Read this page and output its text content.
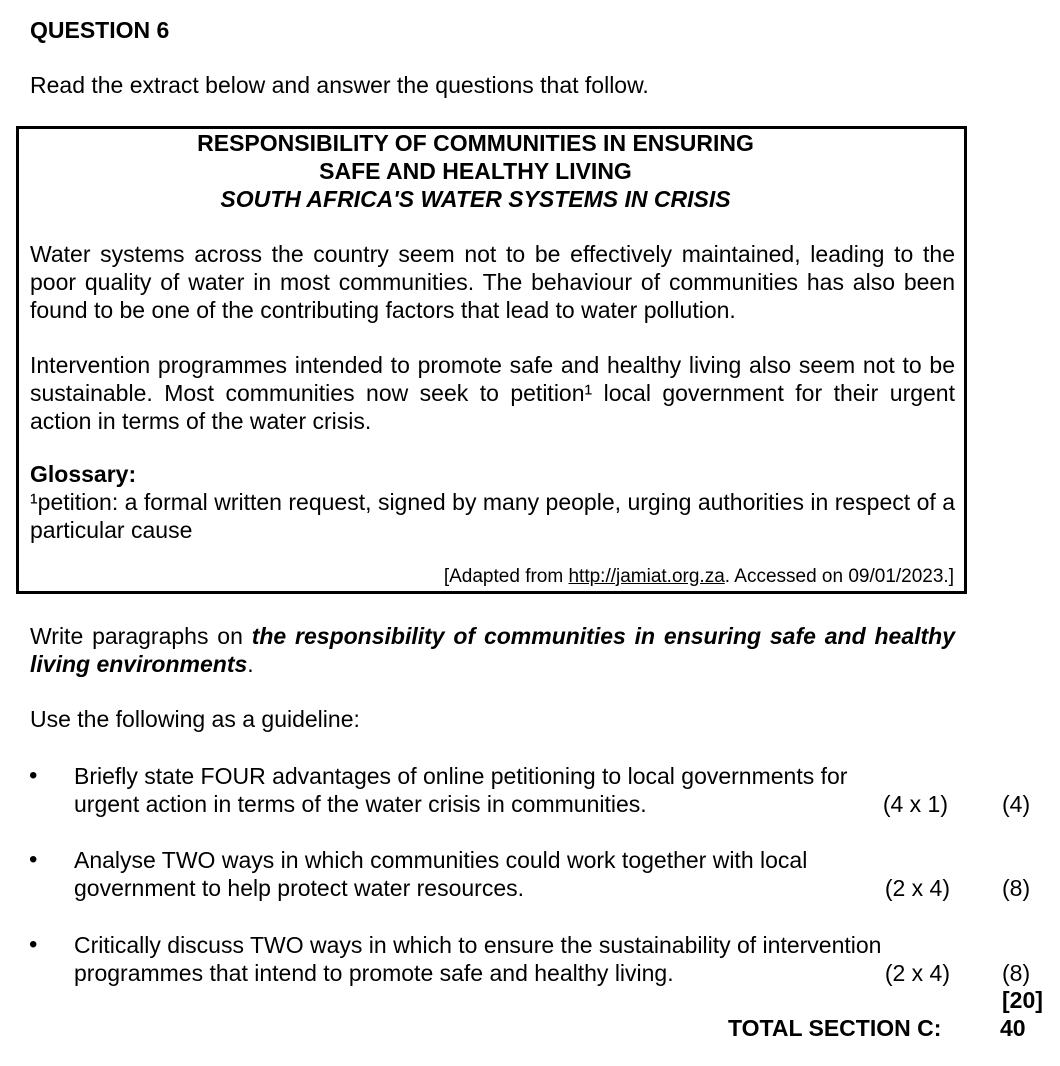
QUESTION 6
Read the extract below and answer the questions that follow.
RESPONSIBILITY OF COMMUNITIES IN ENSURING
SAFE AND HEALTHY LIVING
SOUTH AFRICA'S WATER SYSTEMS IN CRISIS
Water systems across the country seem not to be effectively maintained, leading to the poor quality of water in most communities. The behaviour of communities has also been found to be one of the contributing factors that lead to water pollution.
Intervention programmes intended to promote safe and healthy living also seem not to be sustainable. Most communities now seek to petition¹ local government for their urgent action in terms of the water crisis.
Glossary:
¹petition: a formal written request, signed by many people, urging authorities in respect of a particular cause
[Adapted from http://jamiat.org.za. Accessed on 09/01/2023.]
Write paragraphs on the responsibility of communities in ensuring safe and healthy living environments.
Use the following as a guideline:
• Briefly state FOUR advantages of online petitioning to local governments for
urgent action in terms of the water crisis in communities.	(4 x 1) (4)
• Analyse TWO ways in which communities could work together with local
government to help protect water resources.	(2 x 4) (8)
• Critically discuss TWO ways in which to ensure the sustainability of intervention
programmes that intend to promote safe and healthy living.	(2 x 4) (8)
[20]
TOTAL SECTION C:	40
